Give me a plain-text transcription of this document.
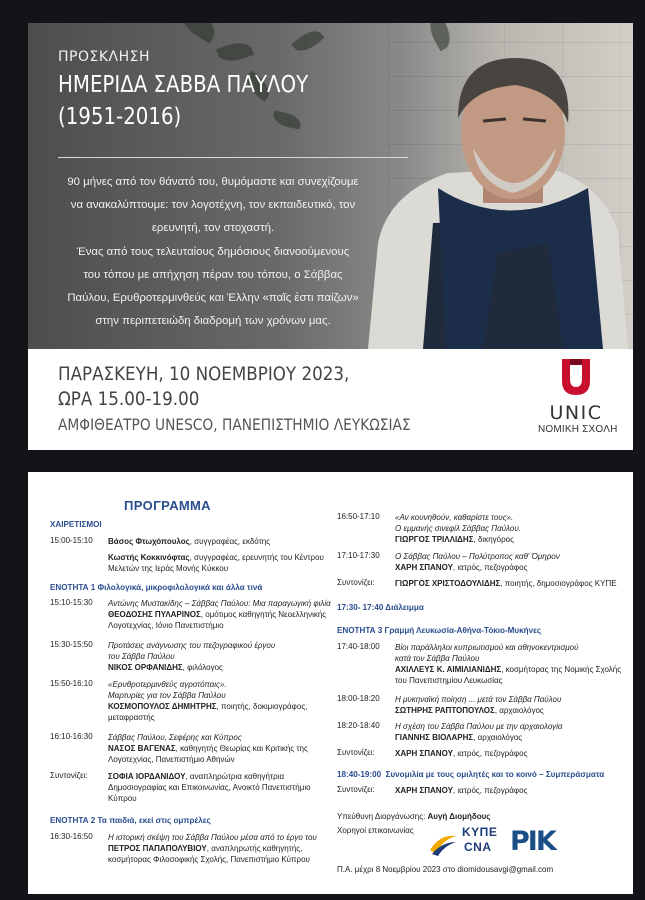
ΠΡΟΣΚΛΗΣΗ
ΗΜΕΡΙΔΑ ΣΑΒΒΑ ΠΑΥΛΟΥ
(1951-2016)
90 μήνες από τον θάνατό του, θυμόμαστε και συνεχίζουμε
να ανακαλύπτουμε: τον λογοτέχνη, τον εκπαιδευτικό, τον
ερευνητή, τον στοχαστή.
Ένας από τους τελευταίους δημόσιους διανοούμενους
του τόπου με απήχηση πέραν του τόπου, ο Σάββας
Παύλου, Ερυθροτερμινθεύς και Έλλην «παῖς ἐστι παίζων»
στην περιπετειώδη διαδρομή των χρόνων μας.
ΠΑΡΑΣΚΕΥΗ, 10 ΝΟΕΜΒΡΙΟΥ 2023,
ΩΡΑ 15.00-19.00
ΑΜΦΙΘΕΑΤΡΟ UNESCO, ΠΑΝΕΠΙΣΤΗΜΙΟ ΛΕΥΚΩΣΙΑΣ
UNIC
ΝΟΜΙΚΗ ΣΧΟΛΗ
ΠΡΟΓΡΑΜΜΑ
ΧΑΙΡΕΤΙΣΜΟΙ
15:00-15:10	Βάσος Φτωχόπουλος, συγγραφέας, εκδότης
Κωστής Κοκκινόφτας, συγγραφέας, ερευνητής του Κέντρου
Μελετών της Ιεράς Μονής Κύκκου
ΕΝΟΤΗΤΑ 1 Φιλολογικά, μικροφιλολογικά και άλλα τινά
15:10-15:30	Αντώνης Μυστακίδης – Σάββας Παύλου: Μια παραγωγική φιλία
ΘΕΟΔΟΣΗΣ ΠΥΛΑΡΙΝΟΣ, ομότιμος καθηγητής Νεοελληνικής
Λογοτεχνίας, Ιόνιο Πανεπιστήμιο
15:30-15:50	Προτάσεις ανάγνωσης του πεζογραφικού έργου
του Σάββα Παύλου
ΝΙΚΟΣ ΟΡΦΑΝΙΔΗΣ, φιλόλογος
15:50-16:10	«Ερυθροτερμινθεύς αγροτόπαις».
Μαρτυρίες για τον Σάββα Παύλου
ΚΟΣΜΟΠΟΥΛΟΣ ΔΗΜΗΤΡΗΣ, ποιητής, δοκιμιογράφος,
μεταφραστής
16:10-16:30	Σάββας Παύλου, Σεφέρης και Κύπρος
ΝΑΣΟΣ ΒΑΓΕΝΑΣ, καθηγητής Θεωρίας και Κριτικής της
Λογοτεχνίας, Πανεπιστήμιο Αθηνών
Συντονίζει:	ΣΟΦΙΑ ΙΟΡΔΑΝΙΔΟΥ, αναπληρώτρια καθηγήτρια
Δημοσιογραφίας και Επικοινωνίας, Ανοικτό Πανεπιστήμιο
Κύπρου
ΕΝΟΤΗΤΑ 2 Τα παιδιά, εκεί στις ομπρέλες
16:30-16:50	Η ιστορική σκέψη του Σάββα Παύλου μέσα από το έργο του
ΠΕΤΡΟΣ ΠΑΠΑΠΟΛΥΒΙΟΥ, αναπληρωτής καθηγητής,
κοσμήτορας Φιλοσοφικής Σχολής, Πανεπιστήμιο Κύπρου
16:50-17:10	«Αν κουνηθούν, καθαρίστε τους».
Ο εμμανής σινεφίλ Σάββας Παύλου.
ΓΙΩΡΓΟΣ ΤΡΙΛΛΙΔΗΣ, δικηγόρος
17:10-17:30	Ο Σάββας Παύλου – Πολύτροπος καθ' Όμηρον
ΧΑΡΗ ΣΠΑΝΟΥ, ιατρός, πεζογράφος
Συντονίζει:	ΓΙΩΡΓΟΣ ΧΡΙΣΤΟΔΟΥΛΙΔΗΣ, ποιητής, δημοσιογράφος ΚΥΠΕ
17:30- 17:40 Διάλειμμα
ΕΝΟΤΗΤΑ 3 Γραμμή Λευκωσία-Αθήνα-Τόκιο-Μυκήνες
17:40-18:00	Βίοι παράλληλοι κυπριωτισμού και αθηνοκεντρισμού
κατά τον Σάββα Παύλου
ΑΧΙΛΛΕΥΣ Κ. ΑΙΜΙΛΙΑΝΙΔΗΣ, κοσμήτορας της Νομικής Σχολής
του Πανεπιστημίου Λευκωσίας
18:00-18:20	Η μυκηναϊκή ποίηση ... μετά τον Σάββα Παύλου
ΣΩΤΗΡΗΣ ΡΑΠΤΟΠΟΥΛΟΣ, αρχαιολόγος
18:20-18:40	Η σχέση του Σάββα Παύλου με την αρχαιολογία
ΓΙΑΝΝΗΣ ΒΙΟΛΑΡΗΣ, αρχαιολόγος
Συντονίζει:	ΧΑΡΗ ΣΠΑΝΟΥ, ιατρός, πεζογράφος
18:40-19:00 Συνομιλία με τους ομιλητές και το κοινό – Συμπεράσματα
Συντονίζει:	ΧΑΡΗ ΣΠΑΝΟΥ, ιατρός, πεζογράφος
Υπεύθυνη Διοργάνωσης: Αυγή Διομήδους
Χορηγοί επικοινωνίας	ΚΥΠΕ
CNA ΡΙΚ
Π.Α. μέχρι 8 Νοεμβρίου 2023 στο diomidousavgi@gmail.com
